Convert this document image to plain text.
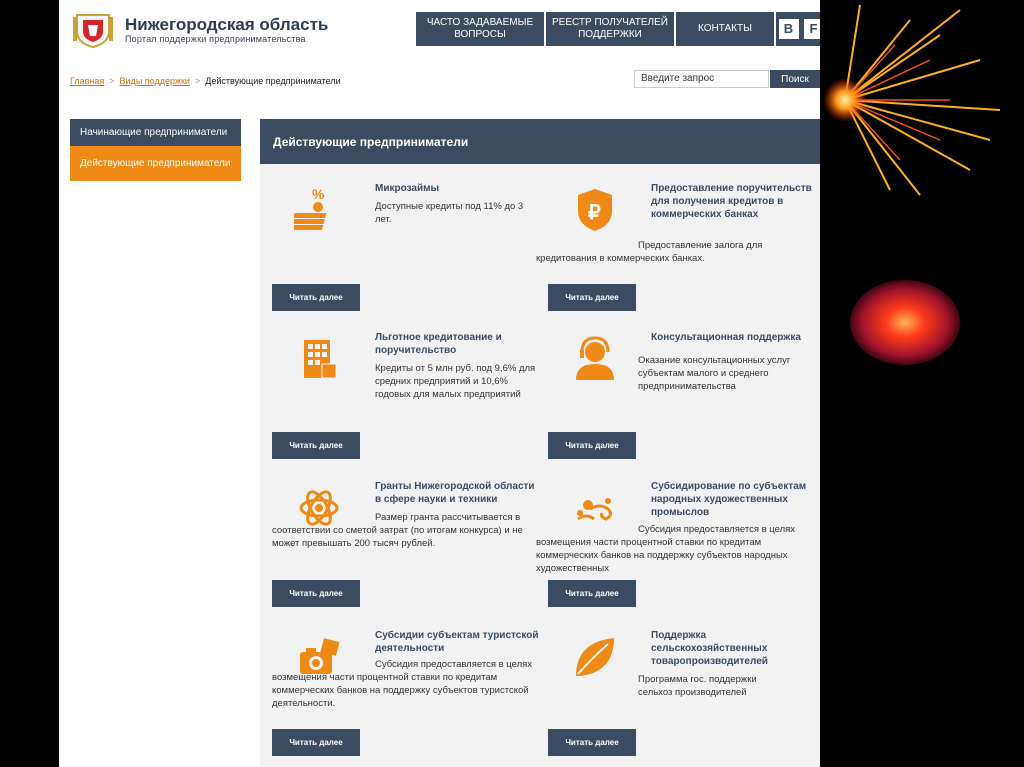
Нижегородская область
Портал поддержки предпринимательства
ЧАСТО ЗАДАВАЕМЫЕ ВОПРОСЫ
РЕЕСТР ПОЛУЧАТЕЛЕЙ ПОДДЕРЖКИ
КОНТАКТЫ	B	F
Главная > Виды поддержки > Действующие предприниматели	Введите запрос	Поиск
Начинающие предприниматели
Действующие предприниматели
Действующие предприниматели
%	Микрозаймы
Доступные кредиты под 11% до 3 лет.
Читать далее
₽
Предоставление поручительств для получения кредитов в коммерческих банках
Предоставление залога для кредитования в коммерческих банках.
Читать далее
Льготное кредитование и поручительство
Кредиты от 5 млн руб. под 9,6% для средних предприятий и 10,6% годовых для малых предприятий
Читать далее
Консультационная поддержка
Оказание консультационных услуг субъектам малого и среднего предпринимательства
Читать далее
Гранты Нижегородской области в сфере науки и техники
Размер гранта рассчитывается в соответствии со сметой затрат (по итогам конкурса) и не может превышать 200 тысяч рублей.
Читать далее
Субсидирование по субъектам народных художественных промыслов
Субсидия предоставляется в целях возмещения части процентной ставки по кредитам коммерческих банков на поддержку субъектов народных художественных
Читать далее
Субсидии субъектам туристской деятельности
Субсидия предоставляется в целях возмещения части процентной ставки по кредитам коммерческих банков на поддержку субъектов туристской деятельности.
Читать далее
Поддержка сельскохозяйственных товаропроизводителей
Программа гос. поддержки сельхоз производителей
Читать далее
